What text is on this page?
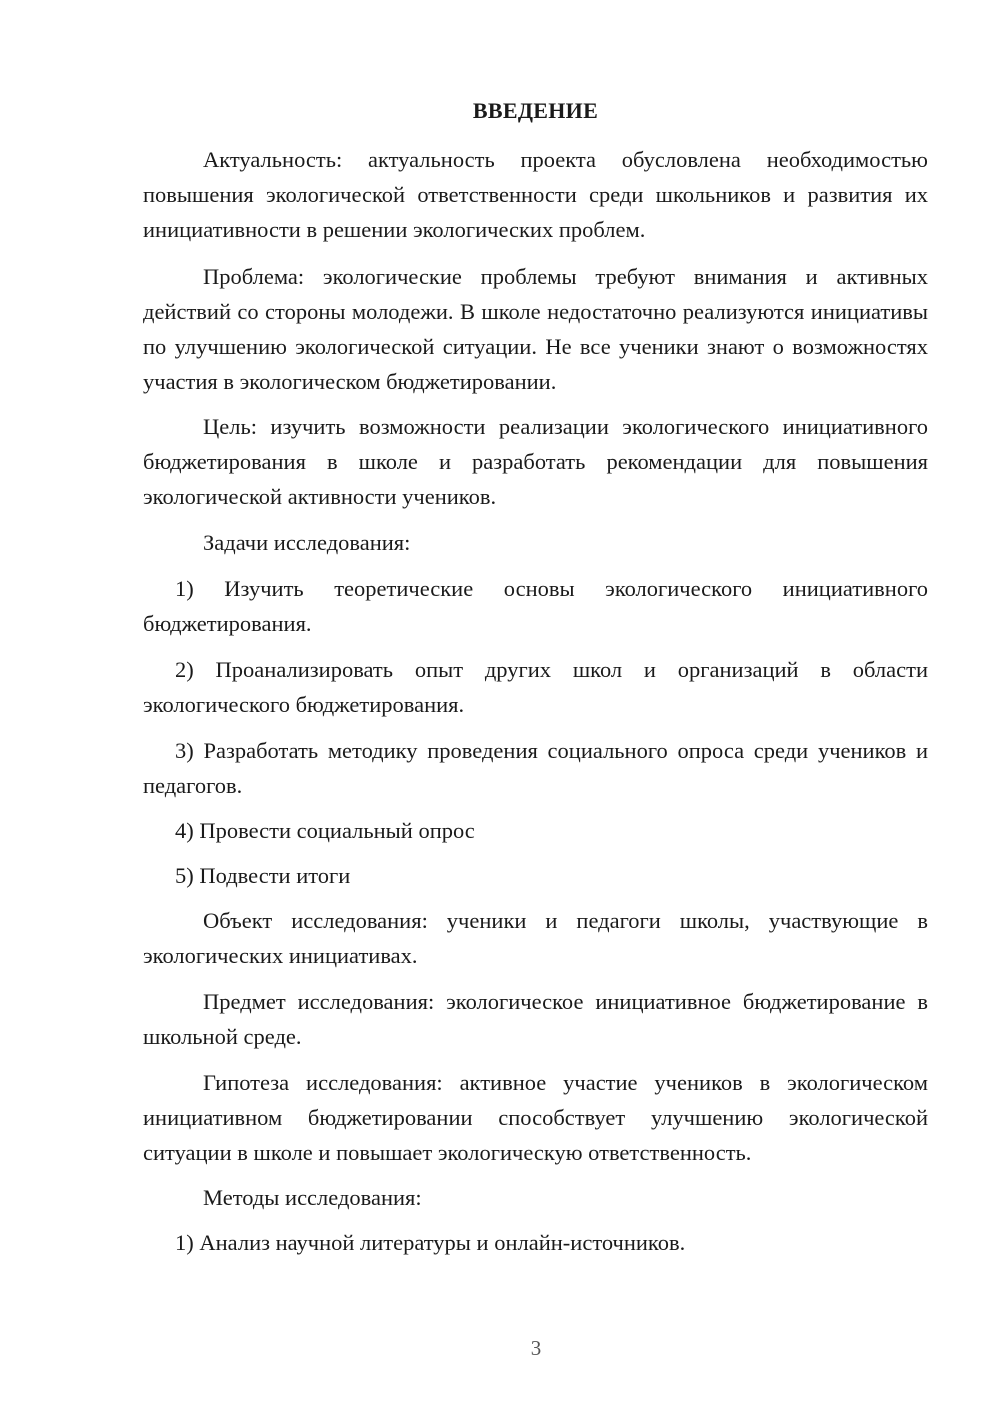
ВВЕДЕНИЕ

Актуальность: актуальность проекта обусловлена необходимостью повышения экологической ответственности среди школьников и развития их инициативности в решении экологических проблем.

Проблема: экологические проблемы требуют внимания и активных действий со стороны молодежи. В школе недостаточно реализуются инициативы по улучшению экологической ситуации. Не все ученики знают о возможностях участия в экологическом бюджетировании.

Цель: изучить возможности реализации экологического инициативного бюджетирования в школе и разработать рекомендации для повышения экологической активности учеников.

Задачи исследования:

1) Изучить теоретические основы экологического инициативного бюджетирования.

2) Проанализировать опыт других школ и организаций в области экологического бюджетирования.

3) Разработать методику проведения социального опроса среди учеников и педагогов.

4) Провести социальный опрос

5) Подвести итоги

Объект исследования: ученики и педагоги школы, участвующие в экологических инициативах.

Предмет исследования: экологическое инициативное бюджетирование в школьной среде.

Гипотеза исследования: активное участие учеников в экологическом инициативном бюджетировании способствует улучшению экологической ситуации в школе и повышает экологическую ответственность.

Методы исследования:

1) Анализ научной литературы и онлайн-источников.

3
